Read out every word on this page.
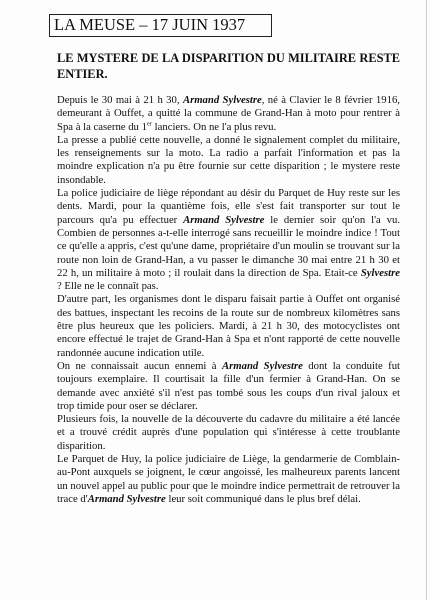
LA MEUSE – 17 JUIN 1937
LE MYSTERE DE LA DISPARITION DU MILITAIRE RESTE ENTIER.

Depuis le 30 mai à 21 h 30, Armand Sylvestre, né à Clavier le 8 février 1916, demeurant à Ouffet, a quitté la commune de Grand-Han à moto pour rentrer à Spa à la caserne du 1er lanciers. On ne l'a plus revu.

La presse a publié cette nouvelle, a donné le signalement complet du militaire, les renseignements sur la moto. La radio a parfait l'information et pas la moindre explication n'a pu être fournie sur cette disparition ; le mystere reste insondable.

La police judiciaire de liège répondant au désir du Parquet de Huy reste sur les dents. Mardi, pour la quantième fois, elle s'est fait transporter sur tout le parcours qu'a pu effectuer Armand Sylvestre le dernier soir qu'on l'a vu. Combien de personnes a-t-elle interrogé sans recueillir le moindre indice ! Tout ce qu'elle a appris, c'est qu'une dame, propriétaire d'un moulin se trouvant sur la route non loin de Grand-Han, a vu passer le dimanche 30 mai entre 21 h 30 et 22 h, un militaire à moto ; il roulait dans la direction de Spa. Etait-ce Sylvestre ? Elle ne le connaît pas.

D'autre part, les organismes dont le disparu faisait partie à Ouffet ont organisé des battues, inspectant les recoins de la route sur de nombreux kilomètres sans être plus heureux que les policiers. Mardi, à 21 h 30, des motocyclistes ont encore effectué le trajet de Grand-Han à Spa et n'ont rapporté de cette nouvelle randonnée aucune indication utile.

On ne connaissait aucun ennemi à Armand Sylvestre dont la conduite fut toujours exemplaire. Il courtisait la fille d'un fermier à Grand-Han. On se demande avec anxiété s'il n'est pas tombé sous les coups d'un rival jaloux et trop timide pour oser se déclarer.

Plusieurs fois, la nouvelle de la découverte du cadavre du militaire a été lancée et a trouvé crédit auprès d'une population qui s'intéresse à cette troublante disparition.

Le Parquet de Huy, la police judiciaire de Liège, la gendarmerie de Comblain-au-Pont auxquels se joignent, le cœur angoissé, les malheureux parents lancent un nouvel appel au public pour que le moindre indice permettrait de retrouver la trace d'Armand Sylvestre leur soit communiqué dans le plus bref délai.
